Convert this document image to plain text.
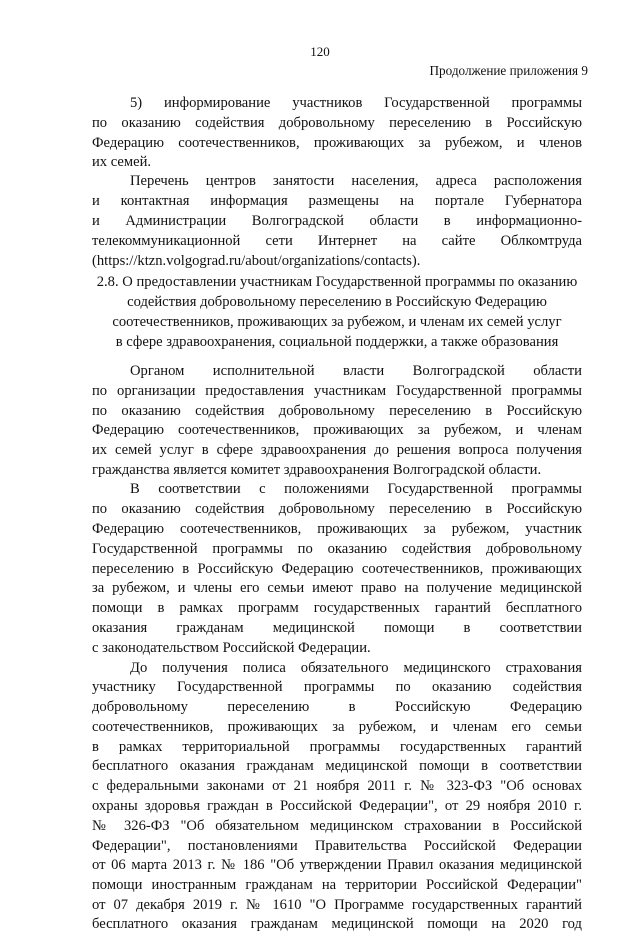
120
Продолжение приложения 9
5) информирование участников Государственной программы
по оказанию содействия добровольному переселению в Российскую
Федерацию соотечественников, проживающих за рубежом, и членов
их семей.
Перечень центров занятости населения, адреса расположения
и контактная информация размещены на портале Губернатора
и Администрации Волгоградской области в информационно-
телекоммуникационной сети Интернет на сайте Облкомтруда
(https://ktzn.volgograd.ru/about/organizations/contacts).
2.8. О предоставлении участникам Государственной программы по оказанию
содействия добровольному переселению в Российскую Федерацию
соотечественников, проживающих за рубежом, и членам их семей услуг
в сфере здравоохранения, социальной поддержки, а также образования
Органом исполнительной власти Волгоградской области
по организации предоставления участникам Государственной программы
по оказанию содействия добровольному переселению в Российскую
Федерацию соотечественников, проживающих за рубежом, и членам
их семей услуг в сфере здравоохранения до решения вопроса получения
гражданства является комитет здравоохранения Волгоградской области.
В соответствии с положениями Государственной программы
по оказанию содействия добровольному переселению в Российскую
Федерацию соотечественников, проживающих за рубежом, участник
Государственной программы по оказанию содействия добровольному
переселению в Российскую Федерацию соотечественников, проживающих
за рубежом, и члены его семьи имеют право на получение медицинской
помощи в рамках программ государственных гарантий бесплатного
оказания гражданам медицинской помощи в соответствии
с законодательством Российской Федерации.
До получения полиса обязательного медицинского страхования
участнику Государственной программы по оказанию содействия
добровольному переселению в Российскую Федерацию
соотечественников, проживающих за рубежом, и членам его семьи
в рамках территориальной программы государственных гарантий
бесплатного оказания гражданам медицинской помощи в соответствии
с федеральными законами от 21 ноября 2011 г. № 323-ФЗ "Об основах
охраны здоровья граждан в Российской Федерации", от 29 ноября 2010 г.
№ 326-ФЗ "Об обязательном медицинском страховании в Российской
Федерации", постановлениями Правительства Российской Федерации
от 06 марта 2013 г. № 186 "Об утверждении Правил оказания медицинской
помощи иностранным гражданам на территории Российской Федерации"
от 07 декабря 2019 г. № 1610 "О Программе государственных гарантий
бесплатного оказания гражданам медицинской помощи на 2020 год
